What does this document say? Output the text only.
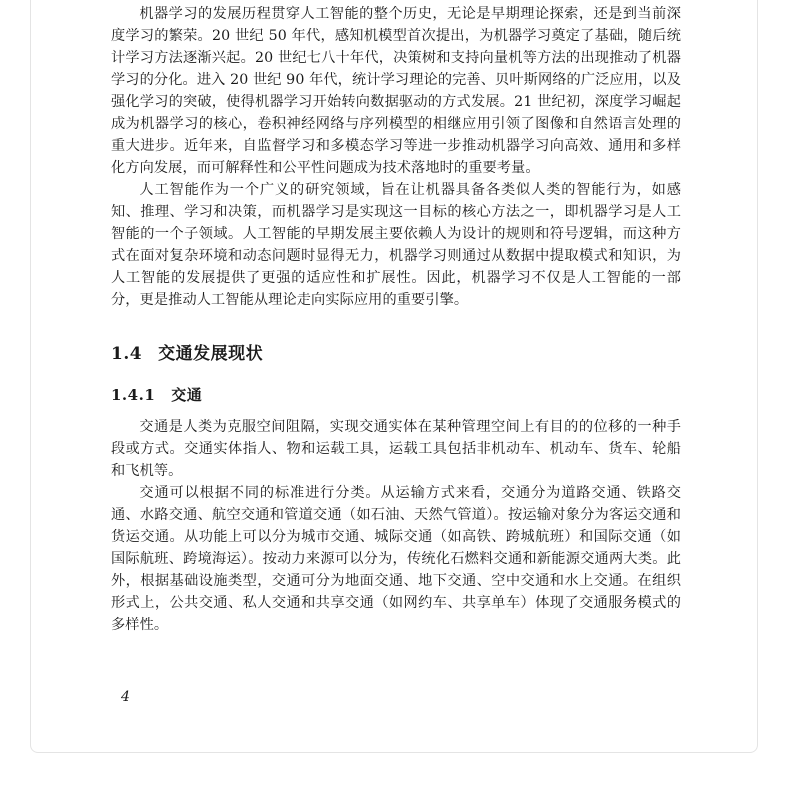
机器学习的发展历程贯穿人工智能的整个历史，无论是早期理论探索，还是到当前深度学习的繁荣。20 世纪 50 年代，感知机模型首次提出，为机器学习奠定了基础，随后统计学习方法逐渐兴起。20 世纪七八十年代，决策树和支持向量机等方法的出现推动了机器学习的分化。进入 20 世纪 90 年代，统计学习理论的完善、贝叶斯网络的广泛应用，以及强化学习的突破，使得机器学习开始转向数据驱动的方式发展。21 世纪初，深度学习崛起成为机器学习的核心，卷积神经网络与序列模型的相继应用引领了图像和自然语言处理的重大进步。近年来，自监督学习和多模态学习等进一步推动机器学习向高效、通用和多样化方向发展，而可解释性和公平性问题成为技术落地时的重要考量。

人工智能作为一个广义的研究领域，旨在让机器具备各类似人类的智能行为，如感知、推理、学习和决策，而机器学习是实现这一目标的核心方法之一，即机器学习是人工智能的一个子领域。人工智能的早期发展主要依赖人为设计的规则和符号逻辑，而这种方式在面对复杂环境和动态问题时显得无力，机器学习则通过从数据中提取模式和知识，为人工智能的发展提供了更强的适应性和扩展性。因此，机器学习不仅是人工智能的一部分，更是推动人工智能从理论走向实际应用的重要引擎。

1.4 交通发展现状
1.4.1 交通

交通是人类为克服空间阻隔，实现交通实体在某种管理空间上有目的的位移的一种手段或方式。交通实体指人、物和运载工具，运载工具包括非机动车、机动车、货车、轮船和飞机等。

交通可以根据不同的标准进行分类。从运输方式来看，交通分为道路交通、铁路交通、水路交通、航空交通和管道交通（如石油、天然气管道）。按运输对象分为客运交通和货运交通。从功能上可以分为城市交通、城际交通（如高铁、跨城航班）和国际交通（如国际航班、跨境海运）。按动力来源可以分为，传统化石燃料交通和新能源交通两大类。此外，根据基础设施类型，交通可分为地面交通、地下交通、空中交通和水上交通。在组织形式上，公共交通、私人交通和共享交通（如网约车、共享单车）体现了交通服务模式的多样性。

4
